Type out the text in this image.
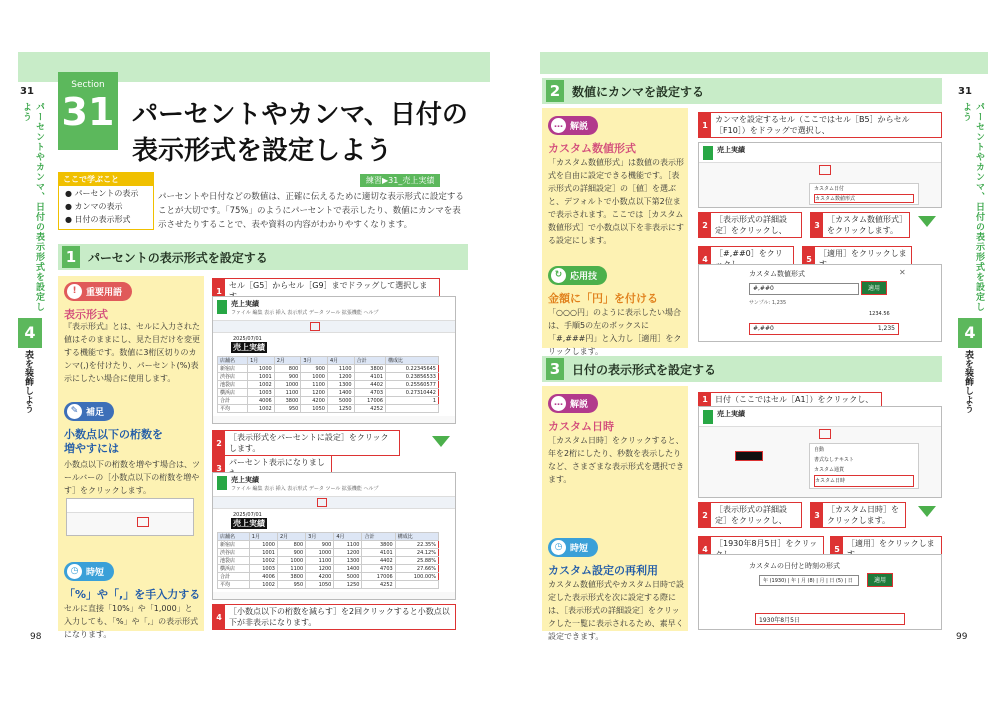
31
パーセントやカンマ、日付の表示形式を設定しよう
4
表を装飾しよう
Section
31 パーセントやカンマ、日付の
表示形式を設定しよう
ここで学ぶこと
● パーセントの表示
● カンマの表示
● 日付の表示形式
練習▶31_売上実績
パーセントや日付などの数値は、正確に伝えるために適切な表示形式に設定することが大切です。「75%」のようにパーセントで表示したり、数値にカンマを表示させたりすることで、表や資料の内容がわかりやすくなります。
1 パーセントの表示形式を設定する
!	重要用語
表示形式
『表示形式』とは、セルに入力された値はそのままにし、見た目だけを変更する機能です。数値に3桁区切りのカンマ(,)を付けたり、パーセント(%)表示にしたい場合に使用します。
✎ 補足
小数点以下の桁数を
増やすには
小数点以下の桁数を増やす場合は、ツールバーの［小数点以下の桁数を増やす］をクリックします。
◷ 時短
「%」や「,」を手入力する
セルに直接「10%」や「1,000」と入力しても、「%」や「,」の表示形式になります。
1
セル［G5］からセル［G9］までドラッグして選択しま
売上実績
ファイル 編集 表示 挿入 表示形式 データ ツール 拡張機能 ヘルプ
2025/07/01
売上実績
店舗名	1月	2月	3月	4月	合計	構成比
新宿店	1000	800	900	1100	3800	0.22345645
渋谷店	1001	900	1000	1200	4101	0.23856533
池袋店	1002	1000	1100	1300	4402	0.25560577
横浜店	1003	1100	1200	1400	4703	0.27310442
合計	4006	3800	4200	5000	17006	1
平均	1002	950	1050	1250	4252	
2
［表示形式をパーセントに設定］をクリックします。
3
パーセント表示になりまし
売上実績
ファイル 編集 表示 挿入 表示形式 データ ツール 拡張機能 ヘルプ
2025/07/01
売上実績
店舗名	1月	2月	3月	4月	合計	構成比
新宿店	1000	800	900	1100	3800	22.35%
渋谷店	1001	900	1000	1200	4101	24.12%
池袋店	1002	1000	1100	1300	4402	25.88%
横浜店	1003	1100	1200	1400	4703	27.66%
合計	4006	3800	4200	5000	17006	100.00%
平均	1002	950	1050	1250	4252	
4
［小数点以下の桁数を減らす］を2回クリックすると小数点以下が非表示になります。
98
31
パーセントやカンマ、日付の表示形式を設定しよう
4
表を装飾しよう
2 数値にカンマを設定する
… 解説
カスタム数値形式
「カスタム数値形式」は数値の表示形式を自由に設定できる機能です。［表示形式の詳細設定］の［値］を選ぶと、デフォルトで小数点以下第2位まで表示されます。ここでは［カスタム数値形式］で小数点以下を非表示にする設定にします。
↻ 応用技
金額に「円」を付ける
「○○○円」のように表示したい場合は、手順5の左のボックスに「#,###円」と入力し［適用］をクリックします。
1
カンマを設定するセル（ここではセル［B5］からセル［F10］）をドラッグで選択し、
売上実績
カスタム日付
カスタム数値形式
2
［表示形式の詳細設定］をクリックし、
3
［カスタム数値形式］をクリックします。
4
［#,##0］をクリ
5
［適用］をクリックしま
カスタム数値形式	✕
#,##0	適用
サンプル: 1,235
1234.56
#,##0	1,235
3 日付の表示形式を設定する
… 解説
カスタム日時
［カスタム日時］をクリックすると、年を2桁にしたり、秒数を表示したりなど、さまざまな表示形式を選択できます。
◷ 時短
カスタム設定の再利用
カスタム数値形式やカスタム日時で設定した表示形式を次に設定する際には、［表示形式の詳細設定］をクリックした一覧に表示されるため、素早く設定できます。
1 日付（ここではセル［A1］）をクリックし、
売上実績
自動
書式なしテキスト
カスタム通貨
カスタム日時
2
［表示形式の詳細設定］をクリックし、
3
［カスタム日時］をクリックします。
4
［1930年8月5日］をクリッ
5
［適用］をクリックしま
カスタムの日付と時刻の形式
年 (1930) | 年 | 月 (8) | 月 | 日 (5) | 日	適用
1930年8月5日
99
